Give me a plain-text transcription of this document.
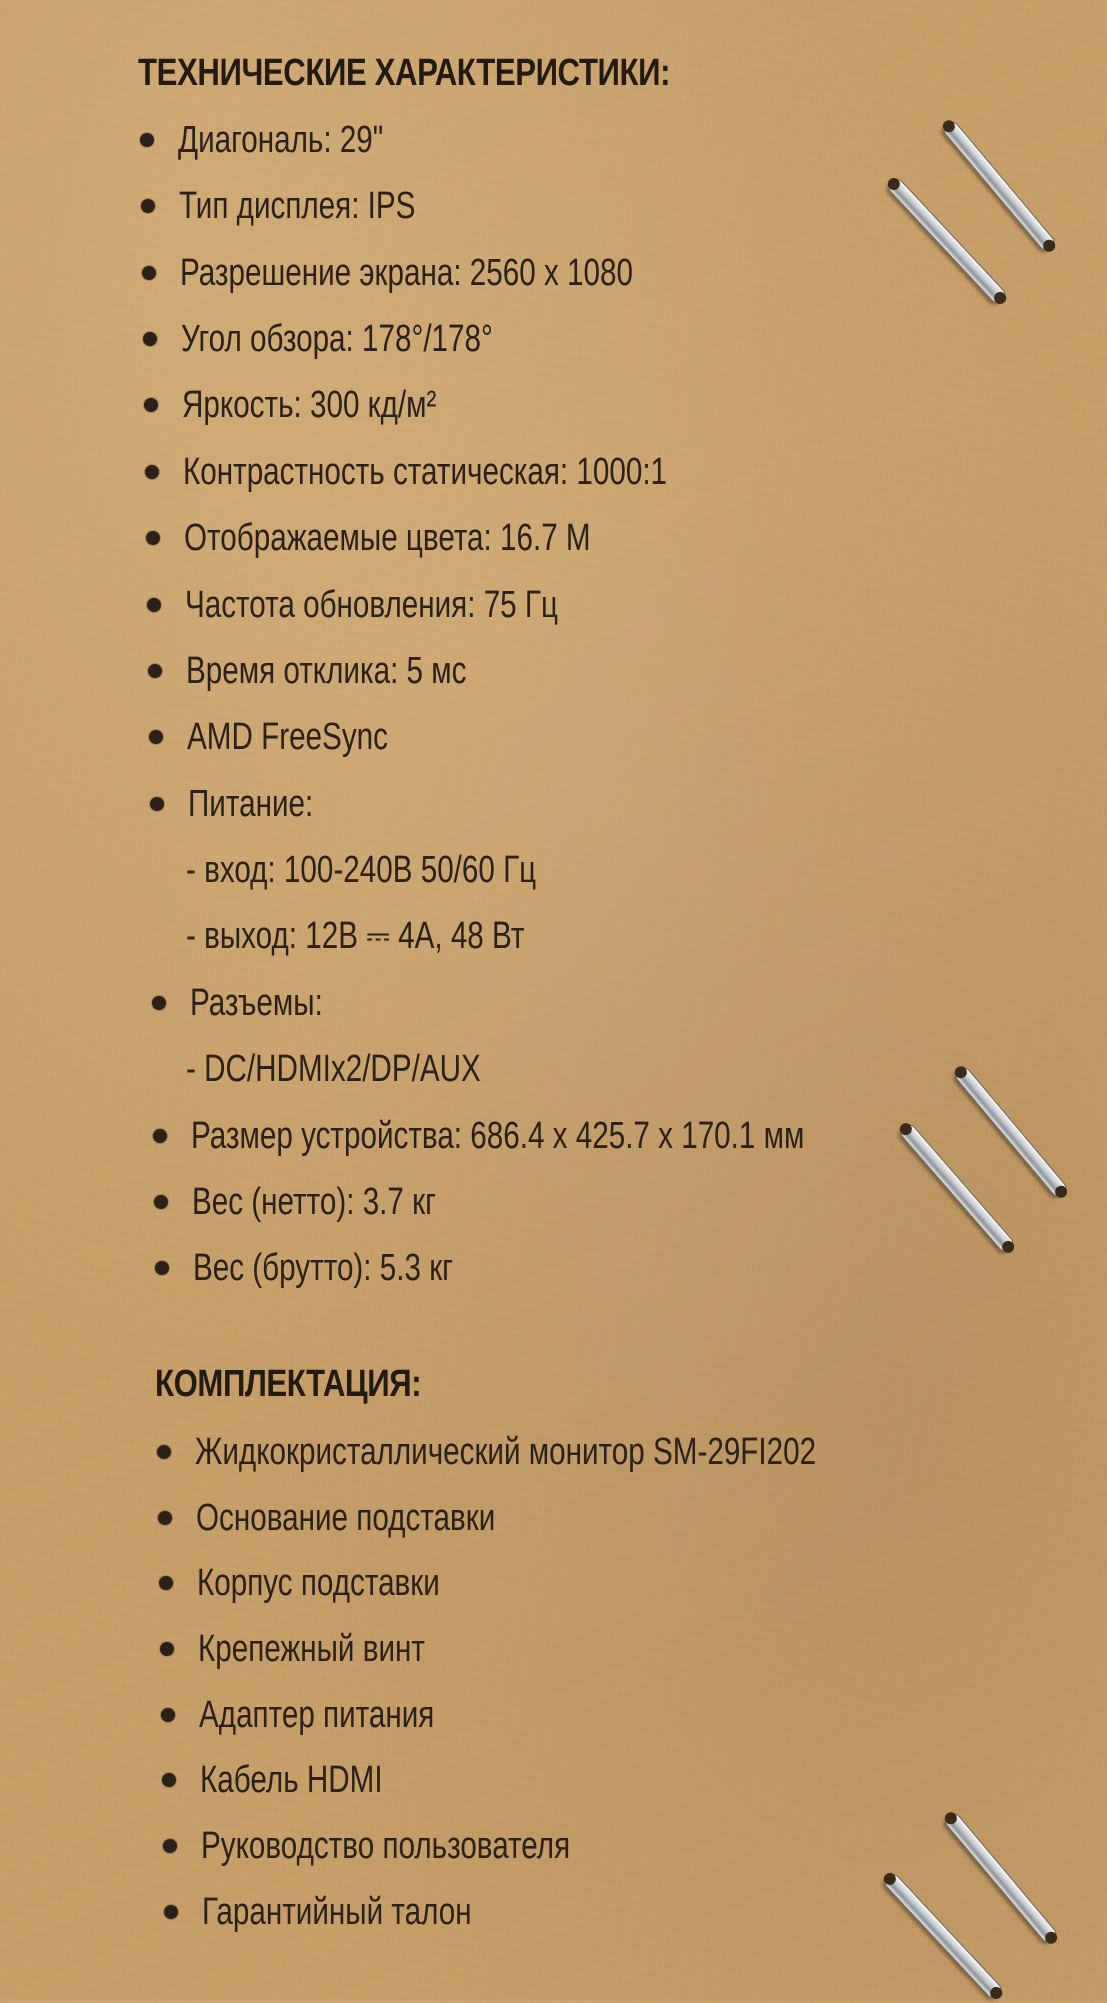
ТЕХНИЧЕСКИЕ ХАРАКТЕРИСТИКИ:
Диагональ: 29"
Тип дисплея: IPS
Разрешение экрана: 2560 х 1080
Угол обзора: 178°/178°
Яркость: 300 кд/м²
Контрастность статическая: 1000:1
Отображаемые цвета: 16.7 М
Частота обновления: 75 Гц
Время отклика: 5 мс
AMD FreeSync
Питание:
- вход: 100-240В 50/60 Гц
- выход: 12В ⎓ 4А, 48 Вт
Разъемы:
- DC/HDMIx2/DP/AUX
Размер устройства: 686.4 х 425.7 х 170.1 мм
Вес (нетто): 3.7 кг
Вес (брутто): 5.3 кг
КОМПЛЕКТАЦИЯ:
Жидкокристаллический монитор SM-29FI202
Основание подставки
Корпус подставки
Крепежный винт
Адаптер питания
Кабель HDMI
Руководство пользователя
Гарантийный талон
